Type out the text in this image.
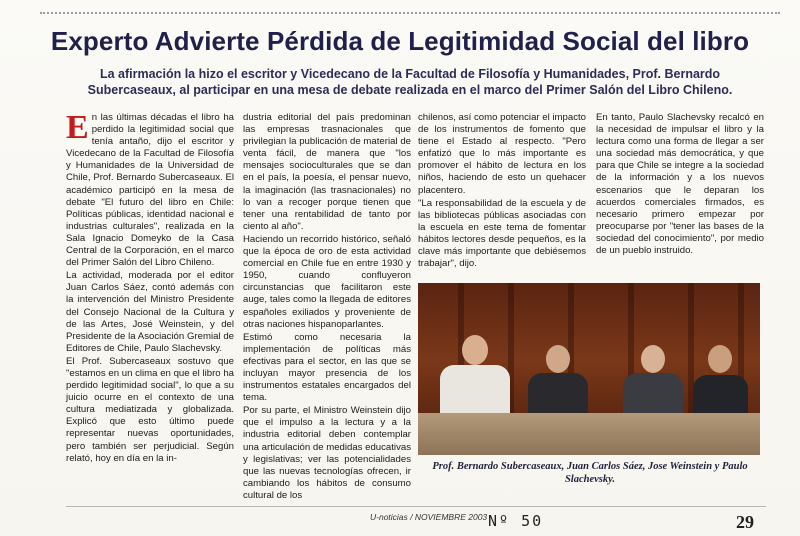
Experto Advierte Pérdida de Legitimidad Social del libro
La afirmación la hizo el escritor y Vicedecano de la Facultad de Filosofía y Humanidades, Prof. Bernardo Subercaseaux, al participar en una mesa de debate realizada en el marco del Primer Salón del Libro Chileno.

En las últimas décadas el libro ha perdido la legitimidad social que tenía antaño, dijo el escritor y Vicedecano de la Facultad de Filosofía y Humanidades de la Universidad de Chile, Prof. Bernardo Subercaseaux. El académico participó en la mesa de debate "El futuro del libro en Chile: Políticas públicas, identidad nacional e industrias culturales", realizada en la Sala Ignacio Domeyko de la Casa Central de la Corporación, en el marco del Primer Salón del Libro Chileno.

La actividad, moderada por el editor Juan Carlos Sáez, contó además con la intervención del Ministro Presidente del Consejo Nacional de la Cultura y de las Artes, José Weinstein, y del Presidente de la Asociación Gremial de Editores de Chile, Paulo Slachevsky.

El Prof. Subercaseaux sostuvo que "estamos en un clima en que el libro ha perdido legitimidad social", lo que a su juicio ocurre en el contexto de una cultura mediatizada y globalizada. Explicó que esto último puede representar nuevas oportunidades, pero también ser perjudicial. Según relató, hoy en día en la in-

dustria editorial del país predominan las empresas trasnacionales que privilegian la publicación de material de venta fácil, de manera que "los mensajes socioculturales que se dan en el país, la poesía, el pensar nuevo, la imaginación (las trasnacionales) no lo van a recoger porque tienen que tener una rentabilidad de tanto por ciento al año".

Haciendo un recorrido histórico, señaló que la época de oro de esta actividad comercial en Chile fue en entre 1930 y 1950, cuando confluyeron circunstancias que facilitaron este auge, tales como la llegada de editores españoles exiliados y proveniente de otras naciones hispanoparlantes.

Estimó como necesaria la implementación de políticas más efectivas para el sector, en las que se incluyan mayor presencia de los instrumentos estatales encargados del tema.

Por su parte, el Ministro Weinstein dijo que el impulso a la lectura y a la industria editorial deben contemplar una articulación de medidas educativas y legislativas; ver las potencialidades que las nuevas tecnologías ofrecen, ir cambiando los hábitos de consumo cultural de los

chilenos, así como potenciar el impacto de los instrumentos de fomento que tiene el Estado al respecto. "Pero enfatizó que lo más importante es promover el hábito de lectura en los niños, haciendo de esto un quehacer placentero.

"La responsabilidad de la escuela y de las bibliotecas públicas asociadas con la escuela en este tema de fomentar hábitos lectores desde pequeños, es la clave más importante que debiésemos trabajar", dijo.

En tanto, Paulo Slachevsky recalcó en la necesidad de impulsar el libro y la lectura como una forma de llegar a ser una sociedad más democrática, y que para que Chile se integre a la sociedad de la información y a los nuevos escenarios que le deparan los acuerdos comerciales firmados, es necesario primero empezar por preocuparse por "tener las bases de la sociedad del conocimiento", por medio de un pueblo instruido.

Prof. Bernardo Subercaseaux, Juan Carlos Sáez, Jose Weinstein y Paulo Slachevsky.
U-noticias / NOVIEMBRE 2003 Nº 50	29
